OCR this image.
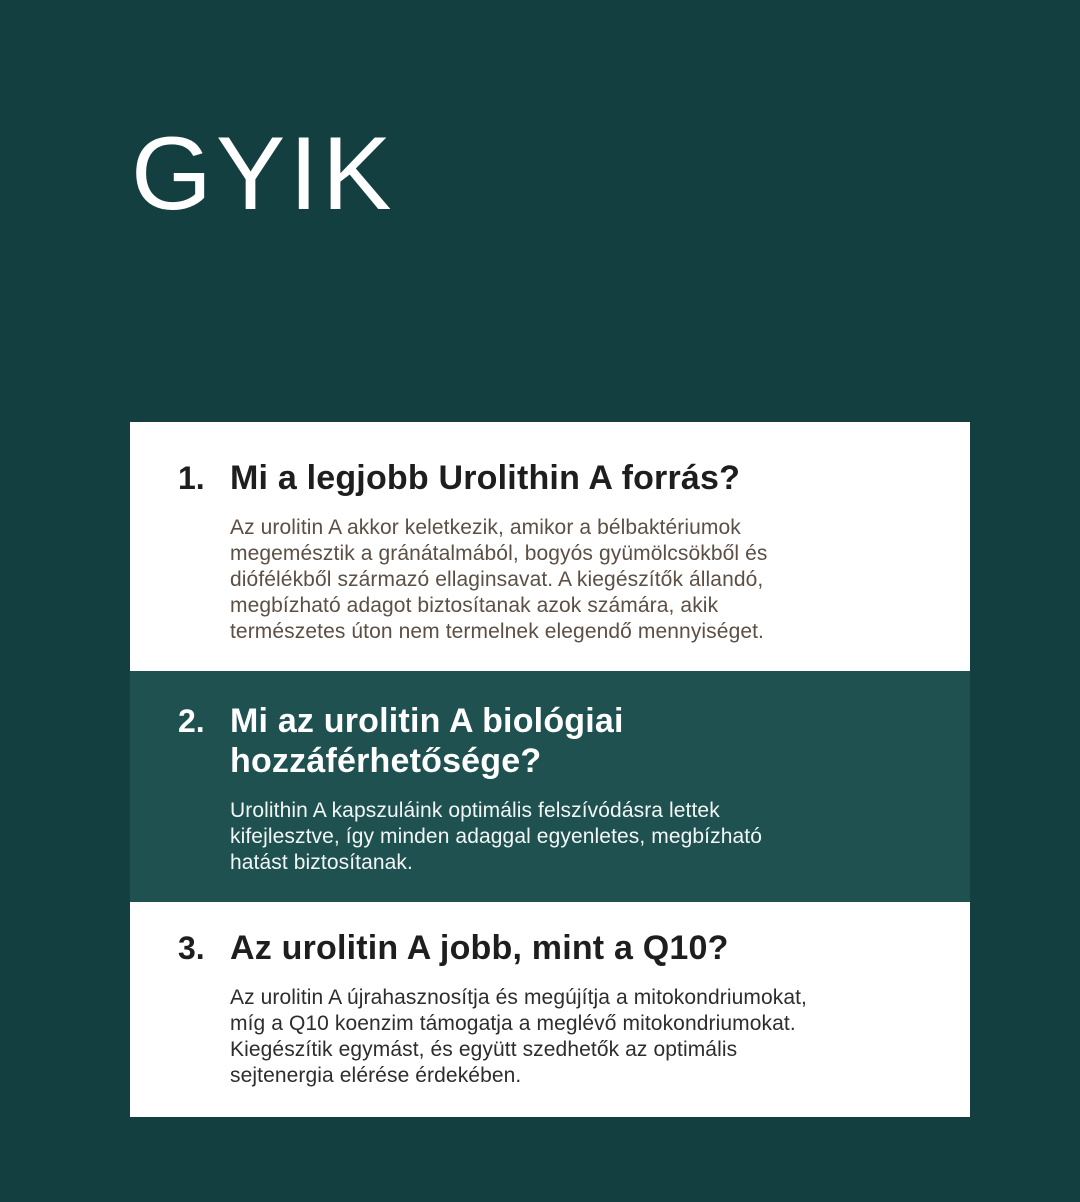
GYIK
1. Mi a legjobb Urolithin A forrás?

Az urolitin A akkor keletkezik, amikor a bélbaktériumok megemésztik a gránátalmából, bogyós gyümölcsökből és diófélékből származó ellaginsavat. A kiegészítők állandó, megbízható adagot biztosítanak azok számára, akik természetes úton nem termelnek elegendő mennyiséget.

2. Mi az urolitin A biológiai hozzáférhetősége?

Urolithin A kapszuláink optimális felszívódásra lettek kifejlesztve, így minden adaggal egyenletes, megbízható hatást biztosítanak.

3. Az urolitin A jobb, mint a Q10?

Az urolitin A újrahasznosítja és megújítja a mitokondriumokat, míg a Q10 koenzim támogatja a meglévő mitokondriumokat. Kiegészítik egymást, és együtt szedhetők az optimális sejtenergia elérése érdekében.
